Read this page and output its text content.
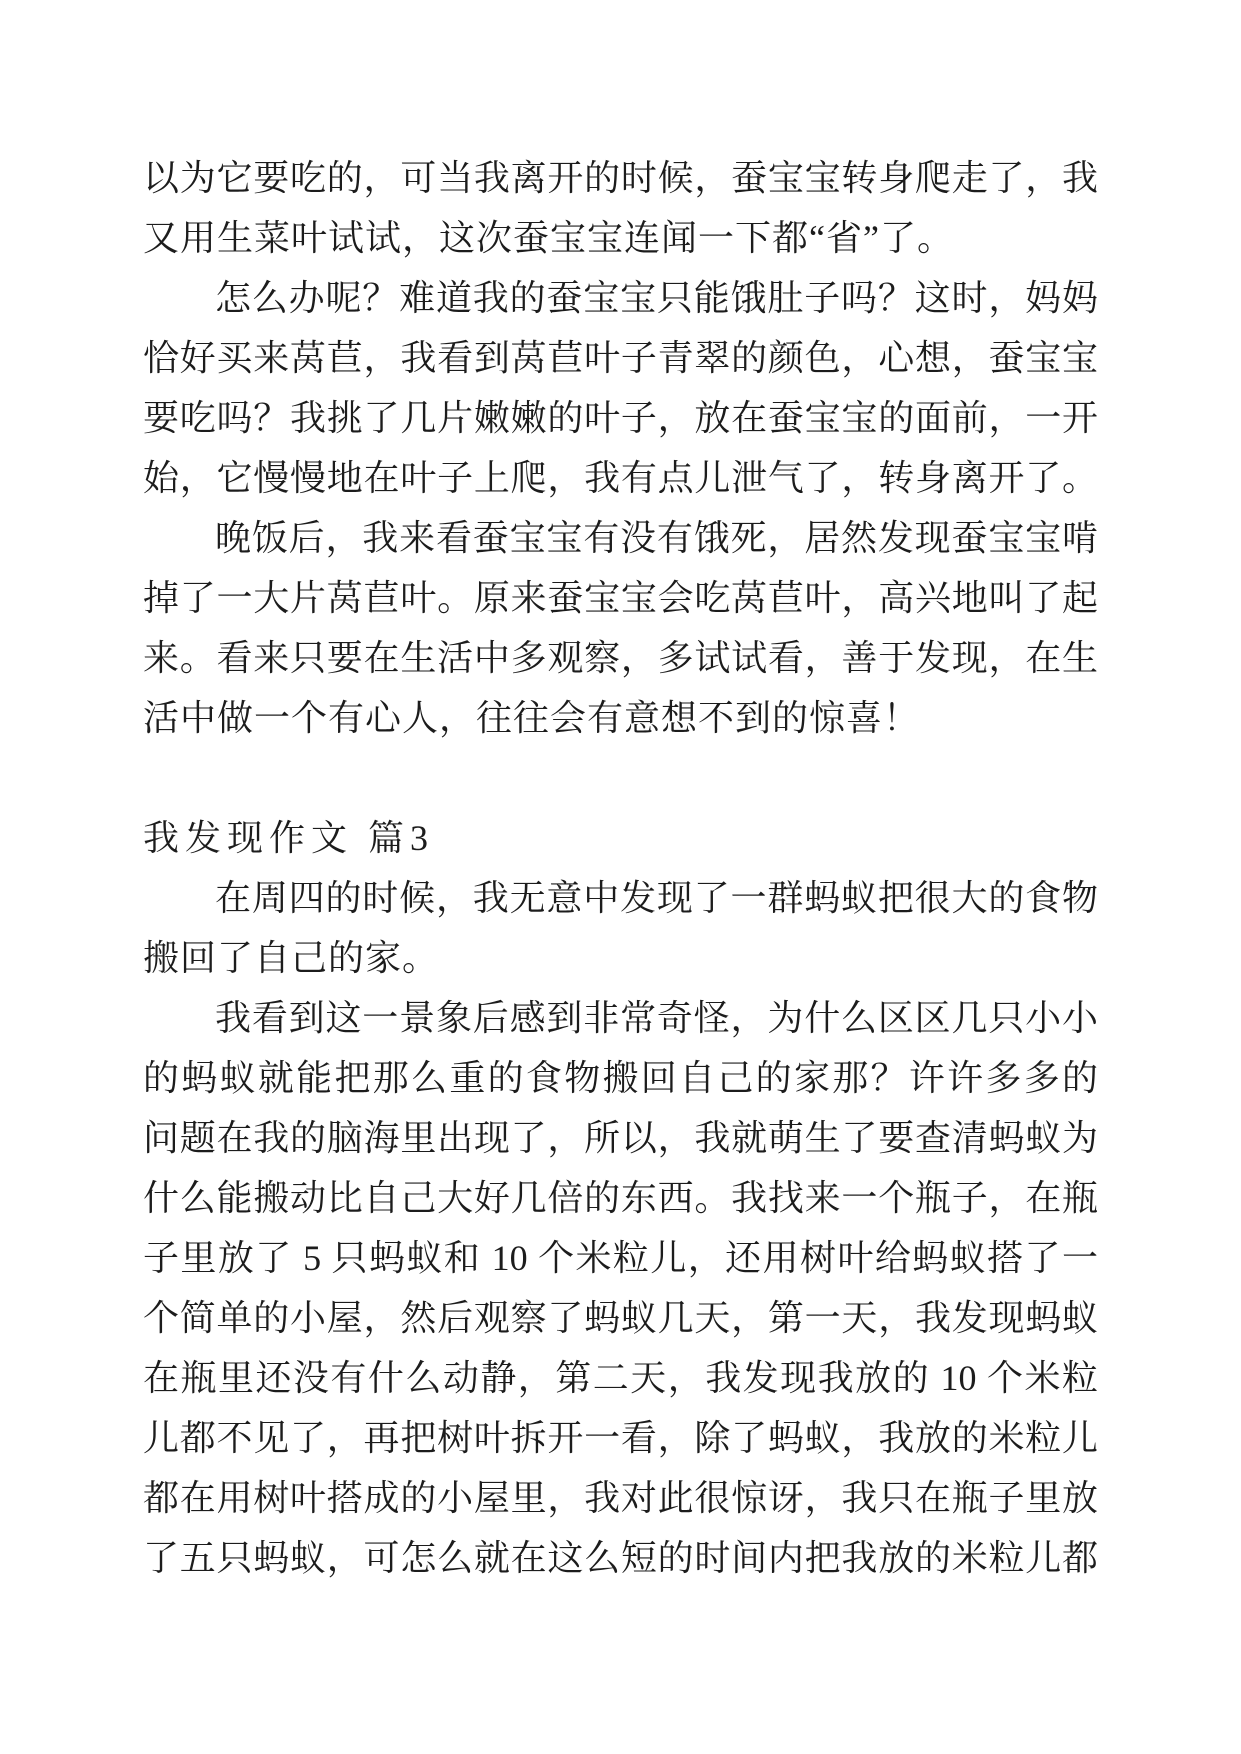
以为它要吃的，可当我离开的时候，蚕宝宝转身爬走了，我
又用生菜叶试试，这次蚕宝宝连闻一下都“省”了。
怎么办呢？难道我的蚕宝宝只能饿肚子吗？这时，妈妈
恰好买来莴苣，我看到莴苣叶子青翠的颜色，心想，蚕宝宝
要吃吗？我挑了几片嫩嫩的叶子，放在蚕宝宝的面前，一开
始，它慢慢地在叶子上爬，我有点儿泄气了，转身离开了。
晚饭后，我来看蚕宝宝有没有饿死，居然发现蚕宝宝啃
掉了一大片莴苣叶。原来蚕宝宝会吃莴苣叶，高兴地叫了起
来。看来只要在生活中多观察，多试试看，善于发现，在生
活中做一个有心人，往往会有意想不到的惊喜！
我发现作文 篇3
在周四的时候，我无意中发现了一群蚂蚁把很大的食物
搬回了自己的家。
我看到这一景象后感到非常奇怪，为什么区区几只小小
的蚂蚁就能把那么重的食物搬回自己的家那？许许多多的
问题在我的脑海里出现了，所以，我就萌生了要查清蚂蚁为
什么能搬动比自己大好几倍的东西。我找来一个瓶子，在瓶
子里放了 5 只蚂蚁和 10 个米粒儿，还用树叶给蚂蚁搭了一
个简单的小屋，然后观察了蚂蚁几天，第一天，我发现蚂蚁
在瓶里还没有什么动静，第二天，我发现我放的 10 个米粒
儿都不见了，再把树叶拆开一看，除了蚂蚁，我放的米粒儿
都在用树叶搭成的小屋里，我对此很惊讶，我只在瓶子里放
了五只蚂蚁，可怎么就在这么短的时间内把我放的米粒儿都
